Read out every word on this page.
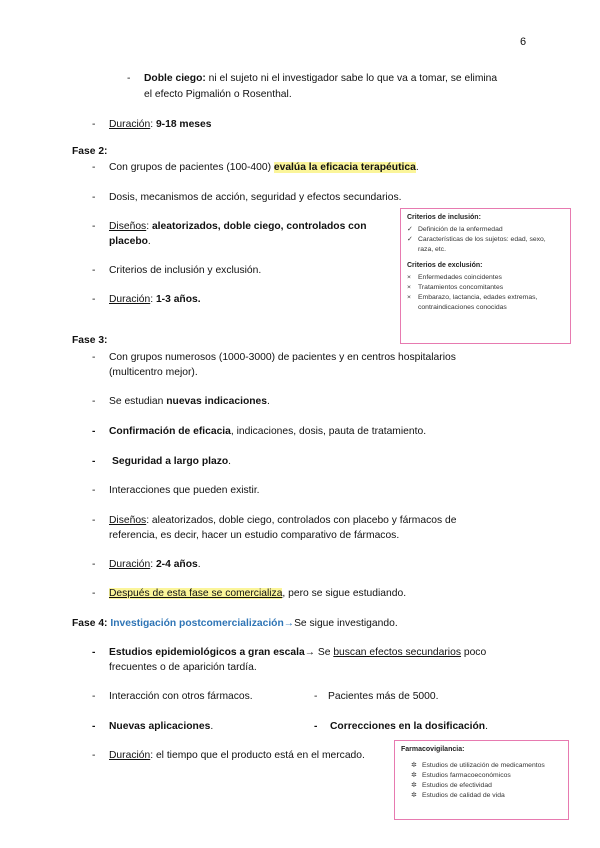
6
- Doble ciego: ni el sujeto ni el investigador sabe lo que va a tomar, se elimina
el efecto Pigmalión o Rosenthal.
- Duración: 9-18 meses
Fase 2:
- Con grupos de pacientes (100-400) evalúa la eficacia terapéutica.
- Dosis, mecanismos de acción, seguridad y efectos secundarios.
- Diseños: aleatorizados, doble ciego, controlados con
placebo.
- Criterios de inclusión y exclusión.
- Duración: 1-3 años.
Criterios de inclusión:
✓ Definición de la enfermedad
✓ Características de los sujetos: edad, sexo,
raza, etc.
Criterios de exclusión:
×	Enfermedades coincidentes
×	Tratamientos concomitantes
×	Embarazo, lactancia, edades extremas,
contraindicaciones conocidas
Fase 3:
- Con grupos numerosos (1000-3000) de pacientes y en centros hospitalarios
(multicentro mejor).
- Se estudian nuevas indicaciones.
- Confirmación de eficacia, indicaciones, dosis, pauta de tratamiento.
- Seguridad a largo plazo.
- Interacciones que pueden existir.
- Diseños: aleatorizados, doble ciego, controlados con placebo y fármacos de
referencia, es decir, hacer un estudio comparativo de fármacos.
- Duración: 2-4 años.
- Después de esta fase se comercializa, pero se sigue estudiando.
Fase 4: Investigación postcomercialización→Se sigue investigando.
- Estudios epidemiológicos a gran escala→ Se buscan efectos secundarios poco
frecuentes o de aparición tardía.
- Interacción con otros fármacos.	- Pacientes más de 5000.
- Nuevas aplicaciones.	- Correcciones en la dosificación.
- Duración: el tiempo que el producto está en el mercado.
Farmacovigilancia:
✲ Estudios de utilización de medicamentos
✲ Estudios farmacoeconómicos
✲ Estudios de efectividad
✲ Estudios de calidad de vida
